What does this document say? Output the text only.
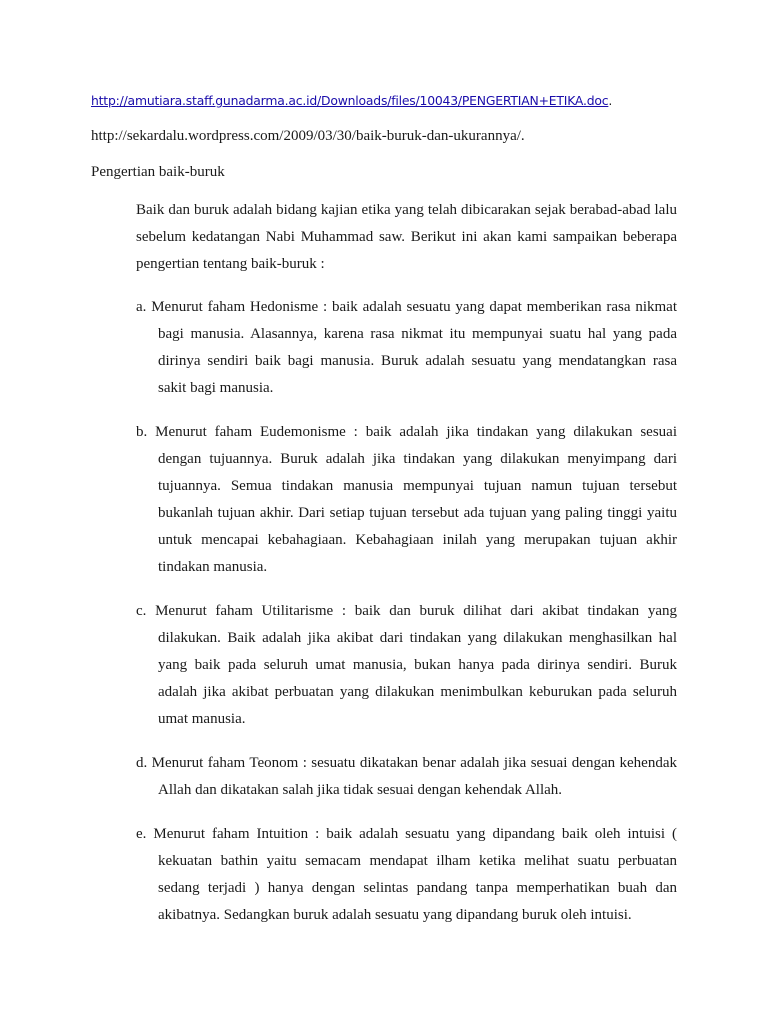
http://amutiara.staff.gunadarma.ac.id/Downloads/files/10043/PENGERTIAN+ETIKA.doc.
http://sekardalu.wordpress.com/2009/03/30/baik-buruk-dan-ukurannya/.
Pengertian baik-buruk
Baik dan buruk adalah bidang kajian etika yang telah dibicarakan sejak berabad-abad lalu sebelum kedatangan Nabi Muhammad saw. Berikut ini akan kami sampaikan beberapa pengertian tentang baik-buruk :
a. Menurut faham Hedonisme : baik adalah sesuatu yang dapat memberikan rasa nikmat bagi manusia. Alasannya, karena rasa nikmat itu mempunyai suatu hal yang pada dirinya sendiri baik bagi manusia. Buruk adalah sesuatu yang mendatangkan rasa sakit bagi manusia.
b. Menurut faham Eudemonisme : baik adalah jika tindakan yang dilakukan sesuai dengan tujuannya. Buruk adalah jika tindakan yang dilakukan menyimpang dari tujuannya. Semua tindakan manusia mempunyai tujuan namun tujuan tersebut bukanlah tujuan akhir. Dari setiap tujuan tersebut ada tujuan yang paling tinggi yaitu untuk mencapai kebahagiaan. Kebahagiaan inilah yang merupakan tujuan akhir tindakan manusia.
c. Menurut faham Utilitarisme : baik dan buruk dilihat dari akibat tindakan yang dilakukan. Baik adalah jika akibat dari tindakan yang dilakukan menghasilkan hal yang baik pada seluruh umat manusia, bukan hanya pada dirinya sendiri. Buruk adalah jika akibat perbuatan yang dilakukan menimbulkan keburukan pada seluruh umat manusia.
d. Menurut faham Teonom : sesuatu dikatakan benar adalah jika sesuai dengan kehendak Allah dan dikatakan salah jika tidak sesuai dengan kehendak Allah.
e. Menurut faham Intuition : baik adalah sesuatu yang dipandang baik oleh intuisi ( kekuatan bathin yaitu semacam mendapat ilham ketika melihat suatu perbuatan sedang terjadi ) hanya dengan selintas pandang tanpa memperhatikan buah dan akibatnya. Sedangkan buruk adalah sesuatu yang dipandang buruk oleh intuisi.
